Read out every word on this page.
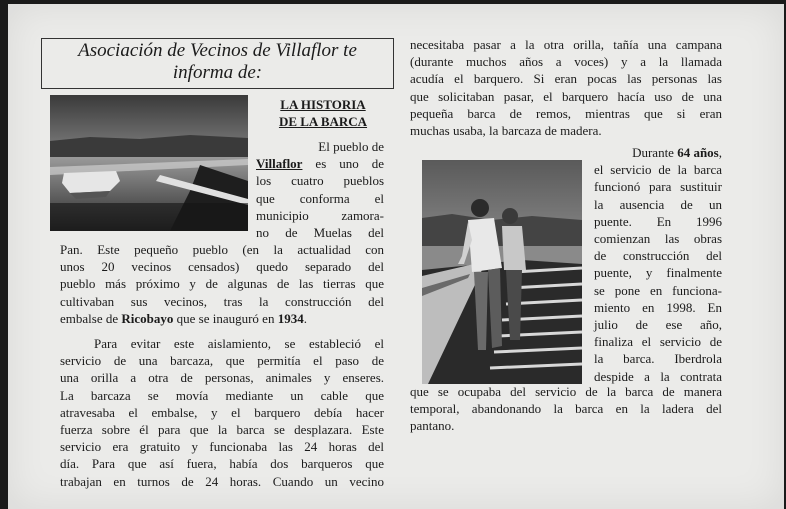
Asociación de Vecinos de Villaflor te
informa de:
LA HISTORIA
DE LA BARCA
El pueblo de
Villaflor es uno de
los cuatro pueblos
que conforma el
municipio zamora-
no de Muelas del
Pan. Este pequeño pueblo (en la actualidad con
unos 20 vecinos censados) quedo separado del
pueblo más próximo y de algunas de las tierras que
cultivaban sus vecinos, tras la construcción del
embalse de Ricobayo que se inauguró en 1934.
Para evitar este aislamiento, se estableció el
servicio de una barcaza, que permitía el paso de
una orilla a otra de personas, animales y enseres.
La barcaza se movía mediante un cable que
atravesaba el embalse, y el barquero debía hacer
fuerza sobre él para que la barca se desplazara. Este
servicio era gratuito y funcionaba las 24 horas del
día. Para que así fuera, había dos barqueros que
trabajan en turnos de 24 horas. Cuando un vecino
necesitaba pasar a la otra orilla, tañía una campana
(durante muchos años a voces) y a la llamada
acudía el barquero. Si eran pocas las personas las
que solicitaban pasar, el barquero hacía uso de una
pequeña barca de remos, mientras que si eran
muchas usaba, la barcaza de madera.
Durante 64 años,
el servicio de la barca
funcionó para sustituir
la ausencia de un
puente. En 1996
comienzan las obras
de construcción del
puente, y finalmente
se pone en funciona-
miento en 1998. En
julio de ese año,
finaliza el servicio de
la barca. Iberdrola
despide a la contrata
que se ocupaba del servicio de la barca de manera
temporal, abandonando la barca en la ladera del
pantano.
